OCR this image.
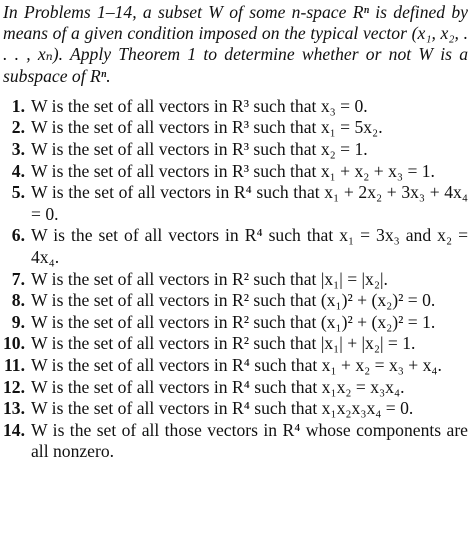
In Problems 1–14, a subset W of some n-space Rⁿ is defined by means of a given condition imposed on the typical vector (x₁, x₂, . . . , xₙ). Apply Theorem 1 to determine whether or not W is a subspace of Rⁿ.

1. W is the set of all vectors in R³ such that x₃ = 0.
2. W is the set of all vectors in R³ such that x₁ = 5x₂.
3. W is the set of all vectors in R³ such that x₂ = 1.
4. W is the set of all vectors in R³ such that x₁ + x₂ + x₃ = 1.
5. W is the set of all vectors in R⁴ such that x₁ + 2x₂ + 3x₃ + 4x₄ = 0.
6. W is the set of all vectors in R⁴ such that x₁ = 3x₃ and x₂ = 4x₄.
7. W is the set of all vectors in R² such that |x₁| = |x₂|.
8. W is the set of all vectors in R² such that (x₁)² + (x₂)² = 0.
9. W is the set of all vectors in R² such that (x₁)² + (x₂)² = 1.
10. W is the set of all vectors in R² such that |x₁| + |x₂| = 1.
11. W is the set of all vectors in R⁴ such that x₁ + x₂ = x₃ + x₄.
12. W is the set of all vectors in R⁴ such that x₁x₂ = x₃x₄.
13. W is the set of all vectors in R⁴ such that x₁x₂x₃x₄ = 0.
14. W is the set of all those vectors in R⁴ whose components are all nonzero.
